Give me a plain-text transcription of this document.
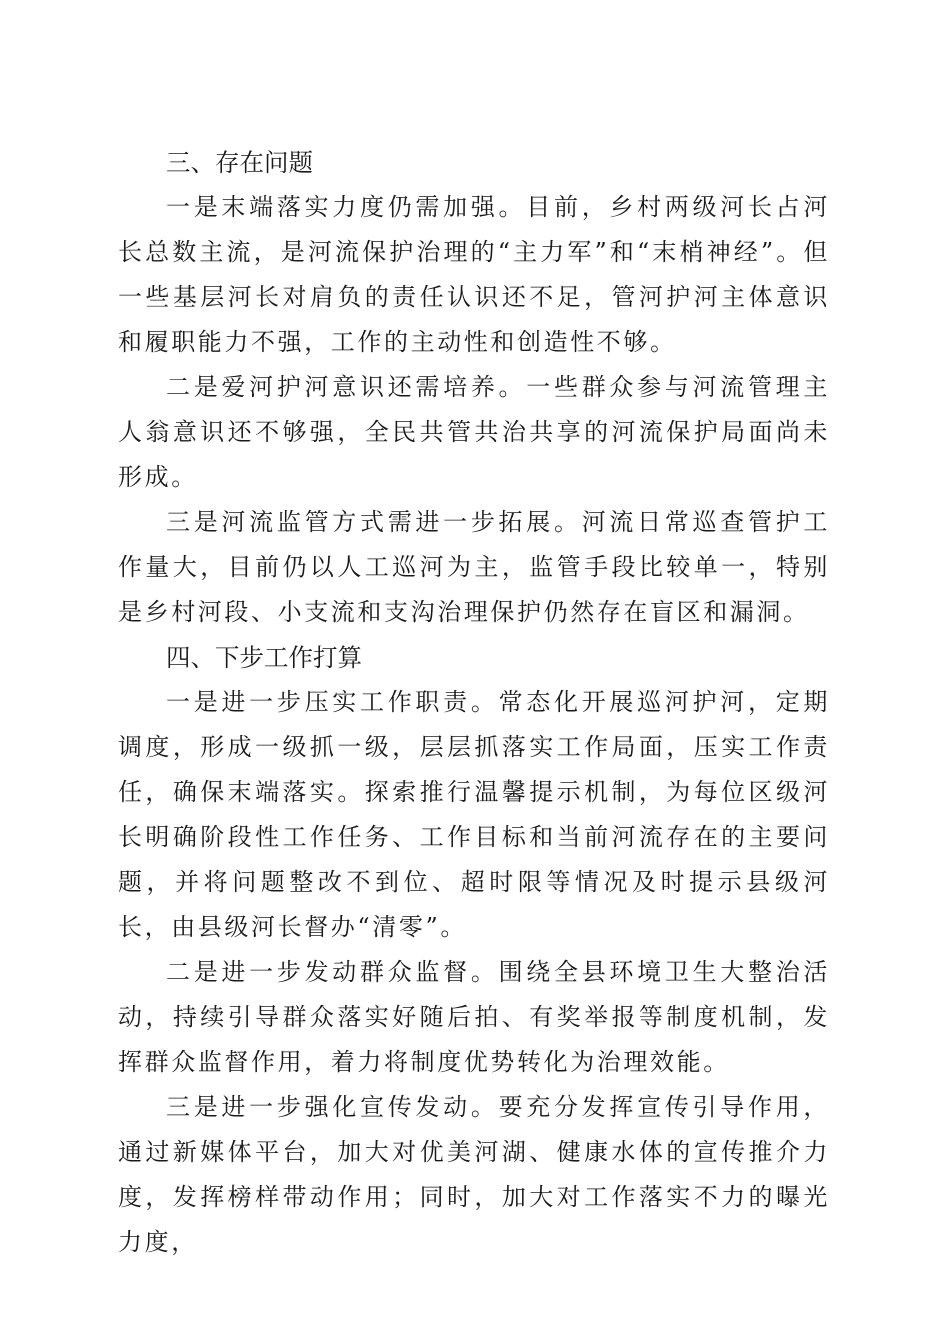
三、存在问题

一是末端落实力度仍需加强。目前，乡村两级河长占河长总数主流，是河流保护治理的“主力军”和“末梢神经”。但一些基层河长对肩负的责任认识还不足，管河护河主体意识和履职能力不强，工作的主动性和创造性不够。

二是爱河护河意识还需培养。一些群众参与河流管理主人翁意识还不够强，全民共管共治共享的河流保护局面尚未形成。

三是河流监管方式需进一步拓展。河流日常巡查管护工作量大，目前仍以人工巡河为主，监管手段比较单一，特别是乡村河段、小支流和支沟治理保护仍然存在盲区和漏洞。

四、下步工作打算

一是进一步压实工作职责。常态化开展巡河护河，定期调度，形成一级抓一级，层层抓落实工作局面，压实工作责任，确保末端落实。探索推行温馨提示机制，为每位区级河长明确阶段性工作任务、工作目标和当前河流存在的主要问题，并将问题整改不到位、超时限等情况及时提示县级河长，由县级河长督办“清零”。

二是进一步发动群众监督。围绕全县环境卫生大整治活动，持续引导群众落实好随后拍、有奖举报等制度机制，发挥群众监督作用，着力将制度优势转化为治理效能。

三是进一步强化宣传发动。要充分发挥宣传引导作用，通过新媒体平台，加大对优美河湖、健康水体的宣传推介力度，发挥榜样带动作用；同时，加大对工作落实不力的曝光力度，
